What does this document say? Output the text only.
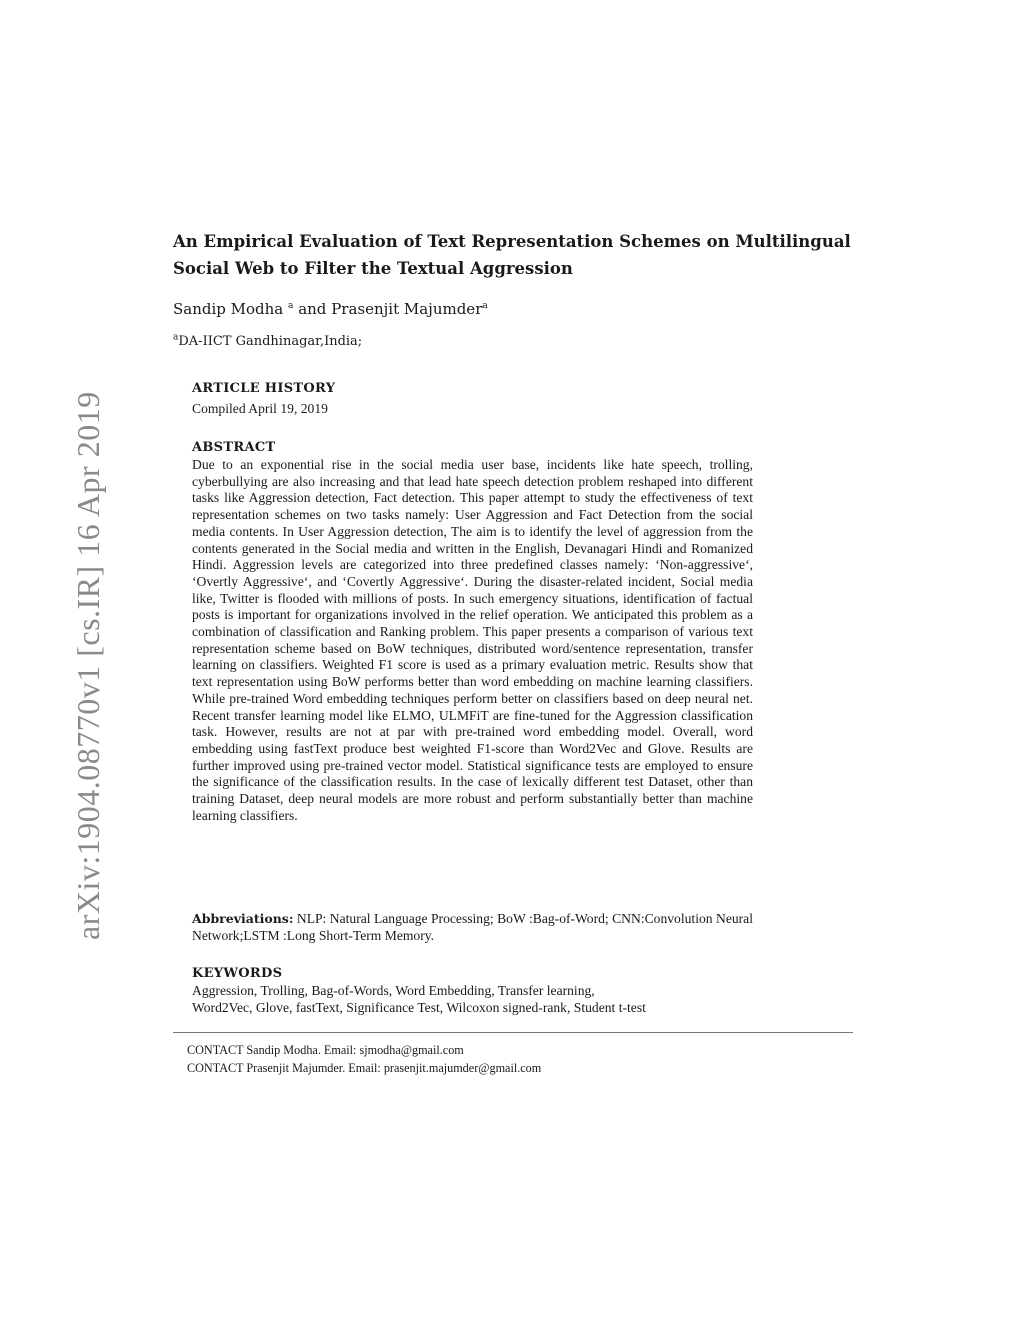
arXiv:1904.08770v1 [cs.IR] 16 Apr 2019
An Empirical Evaluation of Text Representation Schemes on Multilingual Social Web to Filter the Textual Aggression

Sandip Modha $^a$ and Prasenjit Majumder$^a$

$^a$DA-IICT Gandhinagar,India;

ARTICLE HISTORY

Compiled April 19, 2019

ABSTRACT

Due to an exponential rise in the social media user base, incidents like hate speech, trolling, cyberbullying are also increasing and that lead hate speech detection problem reshaped into different tasks like Aggression detection, Fact detection. This paper attempt to study the effectiveness of text representation schemes on two tasks namely: User Aggression and Fact Detection from the social media contents. In User Aggression detection, The aim is to identify the level of aggression from the contents generated in the Social media and written in the English, Devanagari Hindi and Romanized Hindi. Aggression levels are categorized into three predefined classes namely: ‘Non-aggressive‘, ‘Overtly Aggressive‘, and ‘Covertly Aggressive‘. During the disaster-related incident, Social media like, Twitter is flooded with millions of posts. In such emergency situations, identification of factual posts is important for organizations involved in the relief operation. We anticipated this problem as a combination of classification and Ranking problem. This paper presents a comparison of various text representation scheme based on BoW techniques, distributed word/sentence representation, transfer learning on classifiers. Weighted F1 score is used as a primary evaluation metric. Results show that text representation using BoW performs better than word embedding on machine learning classifiers. While pre-trained Word embedding techniques perform better on classifiers based on deep neural net. Recent transfer learning model like ELMO, ULMFiT are fine-tuned for the Aggression classification task. However, results are not at par with pre-trained word embedding model. Overall, word embedding using fastText produce best weighted F1-score than Word2Vec and Glove. Results are further improved using pre-trained vector model. Statistical significance tests are employed to ensure the significance of the classification results. In the case of lexically different test Dataset, other than training Dataset, deep neural models are more robust and perform substantially better than machine learning classifiers.

Abbreviations: NLP: Natural Language Processing; BoW :Bag-of-Word; CNN:Convolution Neural Network;LSTM :Long Short-Term Memory.

KEYWORDS

Aggression, Trolling, Bag-of-Words, Word Embedding, Transfer learning,

Word2Vec, Glove, fastText, Significance Test, Wilcoxon signed-rank, Student t-test

CONTACT Sandip Modha. Email: sjmodha@gmail.com
CONTACT Prasenjit Majumder. Email: prasenjit.majumder@gmail.com
